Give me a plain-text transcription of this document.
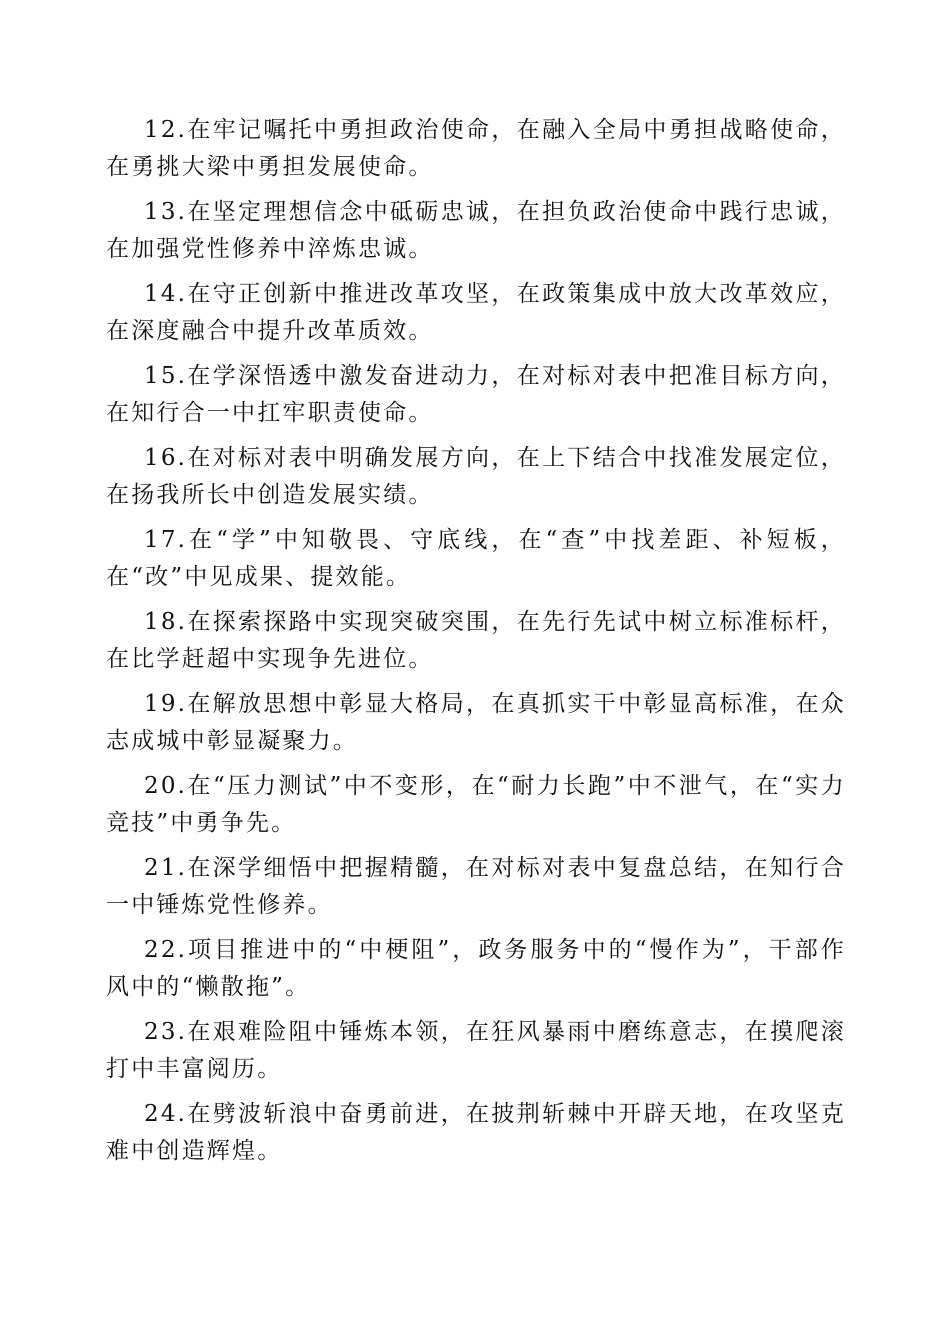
12.在牢记嘱托中勇担政治使命，在融入全局中勇担战略使命，在勇挑大梁中勇担发展使命。

13.在坚定理想信念中砥砺忠诚，在担负政治使命中践行忠诚，在加强党性修养中淬炼忠诚。

14.在守正创新中推进改革攻坚，在政策集成中放大改革效应，在深度融合中提升改革质效。

15.在学深悟透中激发奋进动力，在对标对表中把准目标方向，在知行合一中扛牢职责使命。

16.在对标对表中明确发展方向，在上下结合中找准发展定位，在扬我所长中创造发展实绩。

17.在“学”中知敬畏、守底线，在“查”中找差距、补短板，在“改”中见成果、提效能。

18.在探索探路中实现突破突围，在先行先试中树立标准标杆，在比学赶超中实现争先进位。

19.在解放思想中彰显大格局，在真抓实干中彰显高标准，在众志成城中彰显凝聚力。

20.在“压力测试”中不变形，在“耐力长跑”中不泄气，在“实力竞技”中勇争先。

21.在深学细悟中把握精髓，在对标对表中复盘总结，在知行合一中锤炼党性修养。

22.项目推进中的“中梗阻”，政务服务中的“慢作为”，干部作风中的“懒散拖”。

23.在艰难险阻中锤炼本领，在狂风暴雨中磨练意志，在摸爬滚打中丰富阅历。

24.在劈波斩浪中奋勇前进，在披荆斩棘中开辟天地，在攻坚克难中创造辉煌。
